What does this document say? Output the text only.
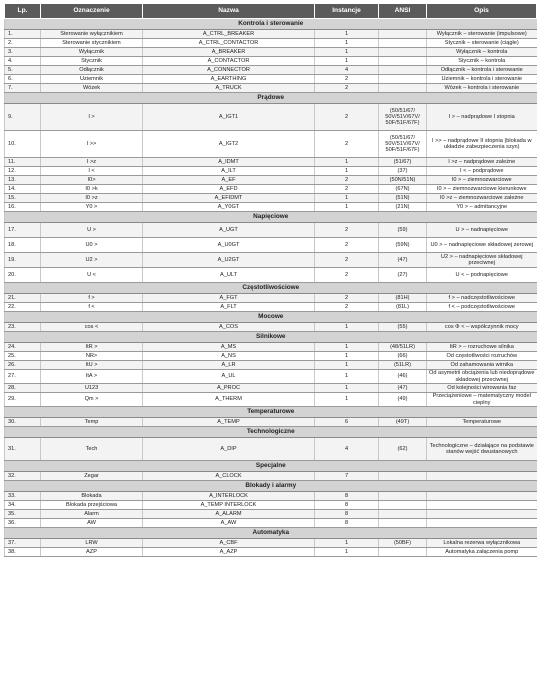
Lp.	Oznaczenie	Nazwa	Instancje	ANSI	Opis
Kontrola i sterowanie					
1.	Sterowanie wyłącznikiem	A_CTRL_BREAKER	1		Wyłącznik – sterowanie (impulsowe)
2.	Sterowanie stycznikiem	A_CTRL_CONTACTOR	1		Stycznik – sterowanie (ciągłe)
3.	Wyłącznik	A_BREAKER	1		Wyłącznik – kontrola
4.	Stycznik	A_CONTACTOR	1		Stycznik – kontrola
5.	Odłącznik	A_CONNECTOR	4		Odłącznik – kontrola i sterowanie
6.	Uziemnik	A_EARTHING	2		Uziemnik – kontrola i sterowanie
7.	Wózek	A_TRUCK	2		Wózek – kontrola i sterowanie
Prądowe					
9.	I >	A_IGT1	2	(50/51/67/ 50V/51V/67V/ 50F/51F/67F)	I > – nadprądowe I stopnia
10.	I >>	A_IGT2	2	(50/51/67/ 50V/51V/67V/ 50F/51F/67F)	I >> – nadprądowe II stopnia (blokada w układzie zabezpieczenia szyn)
11.	I >z	A_IDMT	1	(51/67)	I >z – nadprądowe zależne
12.	I <	A_ILT	1	(37)	I < – podprądowe
13.	I0>	A_EF	2	(50N/51N)	I0 > – ziemnozwarciowe
14.	I0 >k	A_EFD	2	(67N)	I0 > – ziemnozwarciowe kierunkowe
15.	I0 >z	A_EFIDMT	1	(51N)	I0 >z – ziemnozwarciowe zależne
16.	Y0 >	A_Y0GT	1	(21N)	Y0 > – admitancyjne
Napięciowe					
17.	U >	A_UGT	2	(59)	U > – nadnapięciowe
18.	U0 >	A_U0GT	2	(59N)	U0 > – nadnapięciowe składowej zerowej
19.	U2 >	A_U2GT	2	(47)	U2 > – nadnapięciowe składowej przeciwnej
20.	U <	A_ULT	2	(27)	U < – podnapięciowe
Częstotliwościowe					
21.	f >	A_FGT	2	(81H)	f > – nadczęstotliwościowe
22.	f <	A_FLT	2	(81L)	f < – podczęstotliwościowe
Mocowe					
23.	cos <	A_COS	1	(55)	cos Φ < – współczynnik mocy
Silnikowe					
24.	ItR >	A_MS	1	(48/51LR)	ItR > – rozruchowe silnika
25.	NR>	A_NS	1	(66)	Od częstotliwości rozruchów
26.	ItU >	A_LR	1	(51LR)	Od zahamowania wirnika
27.	ItA >	A_UL	1	(46)	Od asymetrii obciążenia lub niedoprądowe składowej przeciwnej
28.	U123	A_PROC	1	(47)	Od kolejności wirowania faz
29.	Qm >	A_THERM	1	(49)	Przeciążeniowe – matematyczny model cieplny
Temperaturowe					
30.	Temp	A_TEMP	6	(49T)	Temperaturowe
Technologiczne					
31.	Tech	A_DIP	4	(62)	Technologiczne – działające na podstawie stanów wejść dwustanowych
Specjalne					
32.	Zegar	A_CLOCK	7		
Blokady i alarmy					
33.	Blokada	A_INTERLOCK	8		
34.	Blokada przejściowa	A_TEMP INTERLOCK	8		
35.	Alarm	A_ALARM	8		
36.	AW	A_AW	8		
Automatyka					
37.	LRW	A_CBF	1	(50BF)	Lokalna rezerwa wyłącznikowa
38.	AZP	A_AZP	1		Automatyka załączenia pomp
